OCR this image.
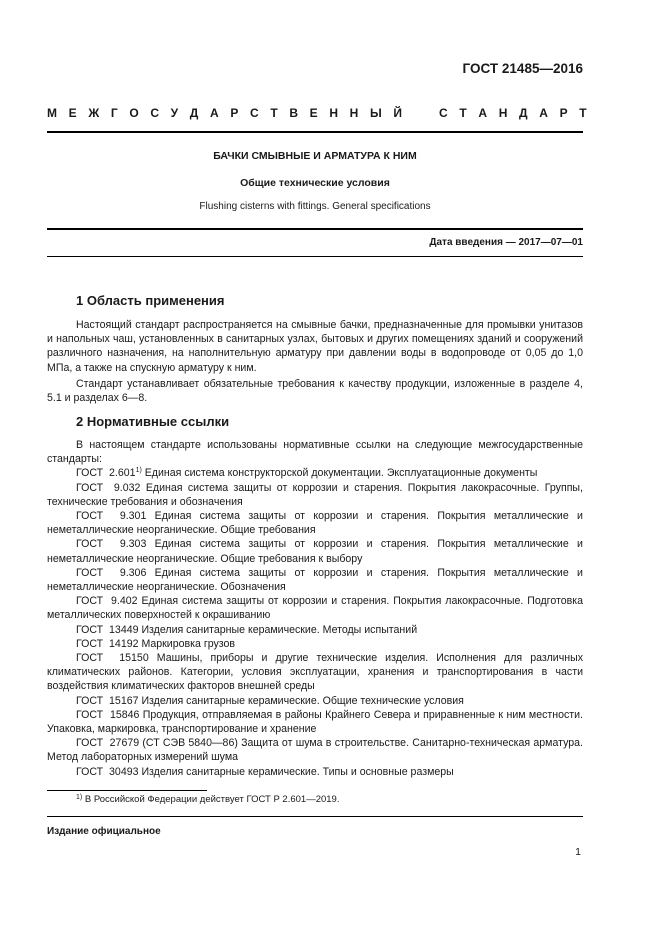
ГОСТ 21485—2016
М Е Ж Г О С У Д А Р С Т В Е Н Н Ы Й	С Т А Н Д А Р Т
БАЧКИ СМЫВНЫЕ И АРМАТУРА К НИМ
Общие технические условия
Flushing cisterns with fittings. General specifications
Дата введения — 2017—07—01
1 Область применения

Настоящий стандарт распространяется на смывные бачки, предназначенные для промывки унитазов и напольных чаш, установленных в санитарных узлах, бытовых и других помещениях зданий и сооружений различного назначения, на наполнительную арматуру при давлении воды в водопроводе от 0,05 до 1,0 МПа, а также на спускную арматуру к ним.

Стандарт устанавливает обязательные требования к качеству продукции, изложенные в разделе 4, 5.1 и разделах 6—8.

2 Нормативные ссылки

В настоящем стандарте использованы нормативные ссылки на следующие межгосударственные стандарты:

ГОСТ  2.601$^{1)}$ Единая система конструкторской документации. Эксплуатационные документы

ГОСТ  9.032 Единая система защиты от коррозии и старения. Покрытия лакокрасочные. Группы, технические требования и обозначения

ГОСТ  9.301 Единая система защиты от коррозии и старения. Покрытия металлические и неметаллические неорганические. Общие требования

ГОСТ  9.303 Единая система защиты от коррозии и старения. Покрытия металлические и неметаллические неорганические. Общие требования к выбору

ГОСТ  9.306 Единая система защиты от коррозии и старения. Покрытия металлические и неметаллические неорганические. Обозначения

ГОСТ  9.402 Единая система защиты от коррозии и старения. Покрытия лакокрасочные. Подготовка металлических поверхностей к окрашиванию

ГОСТ  13449 Изделия санитарные керамические. Методы испытаний

ГОСТ  14192 Маркировка грузов

ГОСТ  15150 Машины, приборы и другие технические изделия. Исполнения для различных климатических районов. Категории, условия эксплуатации, хранения и транспортирования в части воздействия климатических факторов внешней среды

ГОСТ  15167 Изделия санитарные керамические. Общие технические условия

ГОСТ  15846 Продукция, отправляемая в районы Крайнего Севера и приравненные к ним местности. Упаковка, маркировка, транспортирование и хранение

ГОСТ  27679 (СТ СЭВ 5840—86) Защита от шума в строительстве. Санитарно-техническая арматура. Метод лабораторных измерений шума

ГОСТ  30493 Изделия санитарные керамические. Типы и основные размеры

$^{1)}$ В Российской Федерации действует ГОСТ Р 2.601—2019.
Издание официальное
1
